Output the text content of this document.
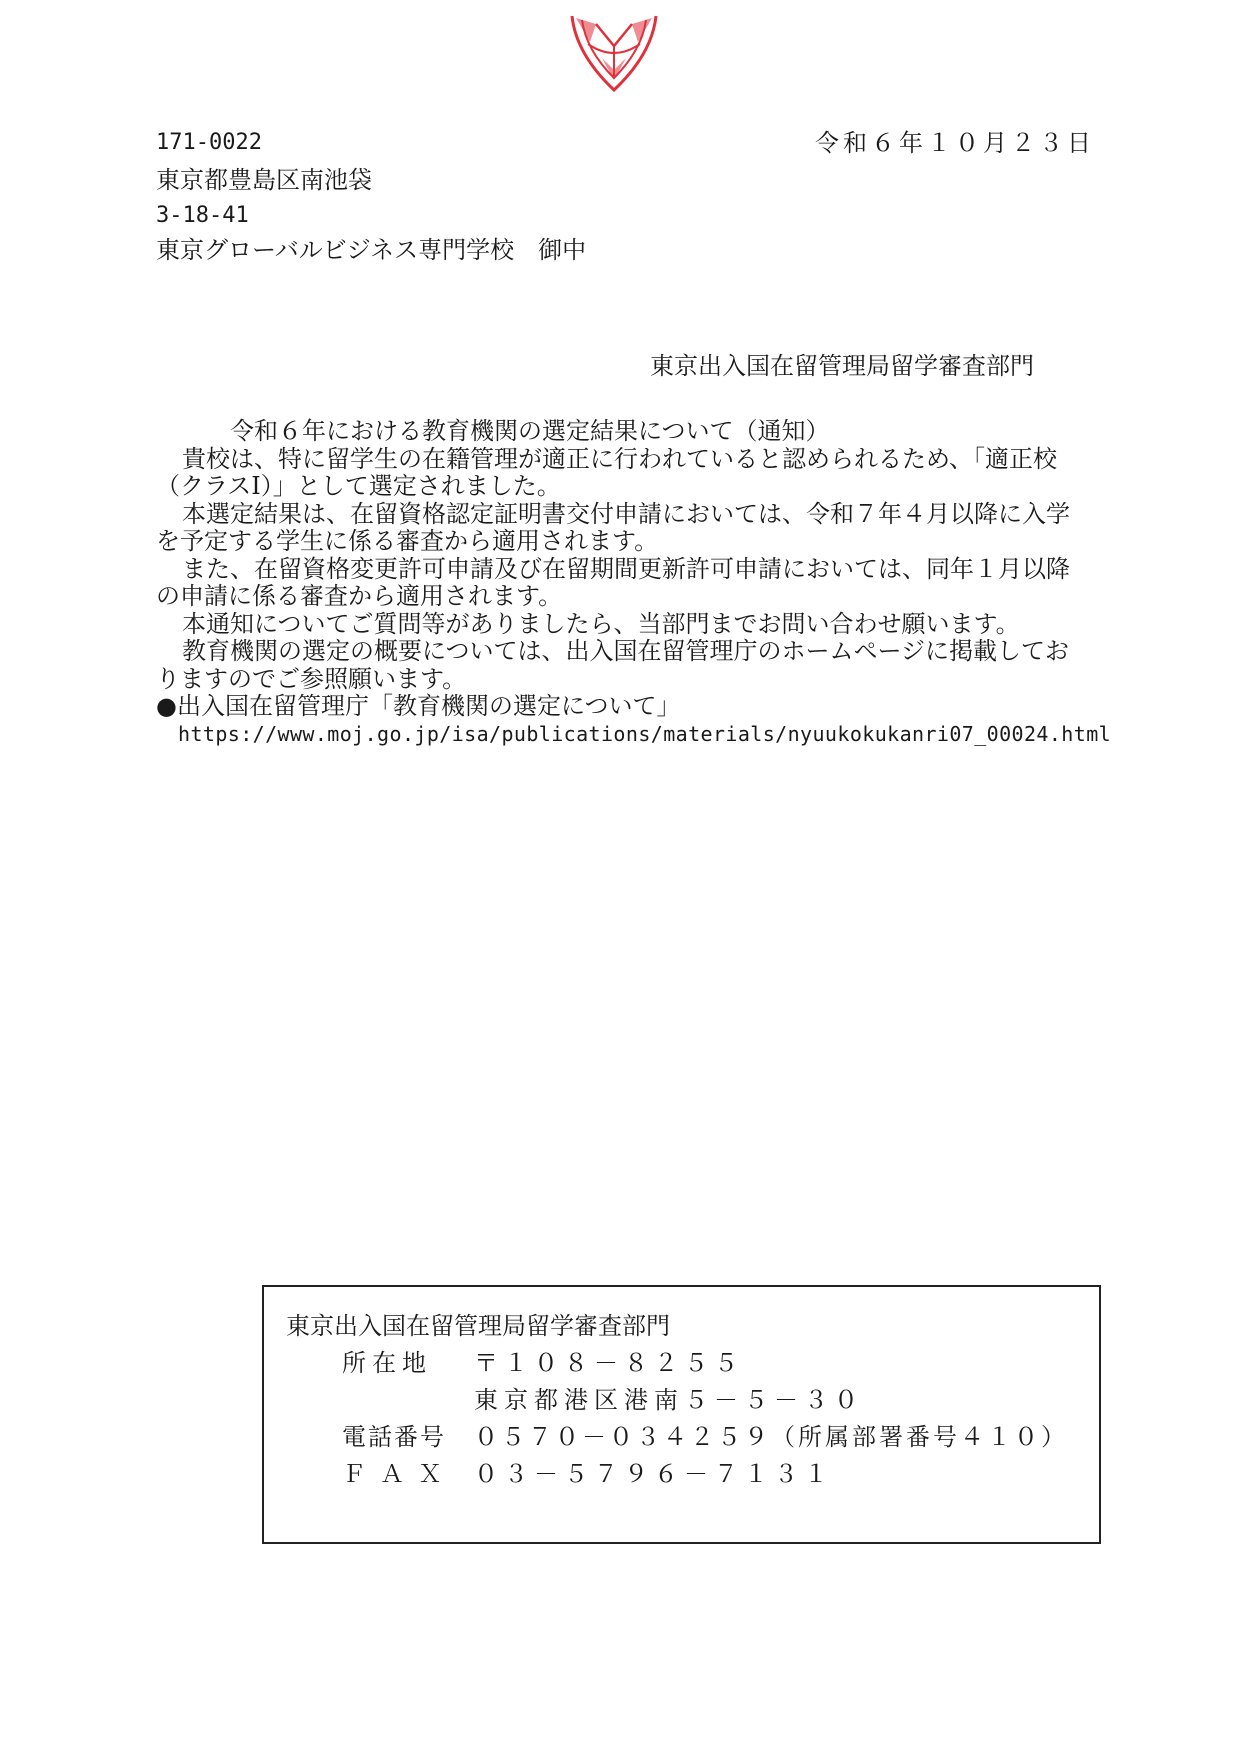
171-0022	令和６年１０月２３日
東京都豊島区南池袋
3-18-41
東京グローバルビジネス専門学校　御中
東京出入国在留管理局留学審査部門

令和６年における教育機関の選定結果について（通知）

貴校は、特に留学生の在籍管理が適正に行われていると認められるため、「適正校

（クラスⅠ）」として選定されました。

本選定結果は、在留資格認定証明書交付申請においては、令和７年４月以降に入学

を予定する学生に係る審査から適用されます。

また、在留資格変更許可申請及び在留期間更新許可申請においては、同年１月以降

の申請に係る審査から適用されます。

本通知についてご質問等がありましたら、当部門までお問い合わせ願います。

教育機関の選定の概要については、出入国在留管理庁のホームページに掲載してお

りますのでご参照願います。

●出入国在留管理庁「教育機関の選定について」

https://www.moj.go.jp/isa/publications/materials/nyuukokukanri07_00024.html

東京出入国在留管理局留学審査部門
所在地 〒１０８－８２５５
東京都港区港南５－５－３０
電話番号 ０５７０－０３４２５９（所属部署番号４１０）
ＦＡＸ ０３－５７９６－７１３１
